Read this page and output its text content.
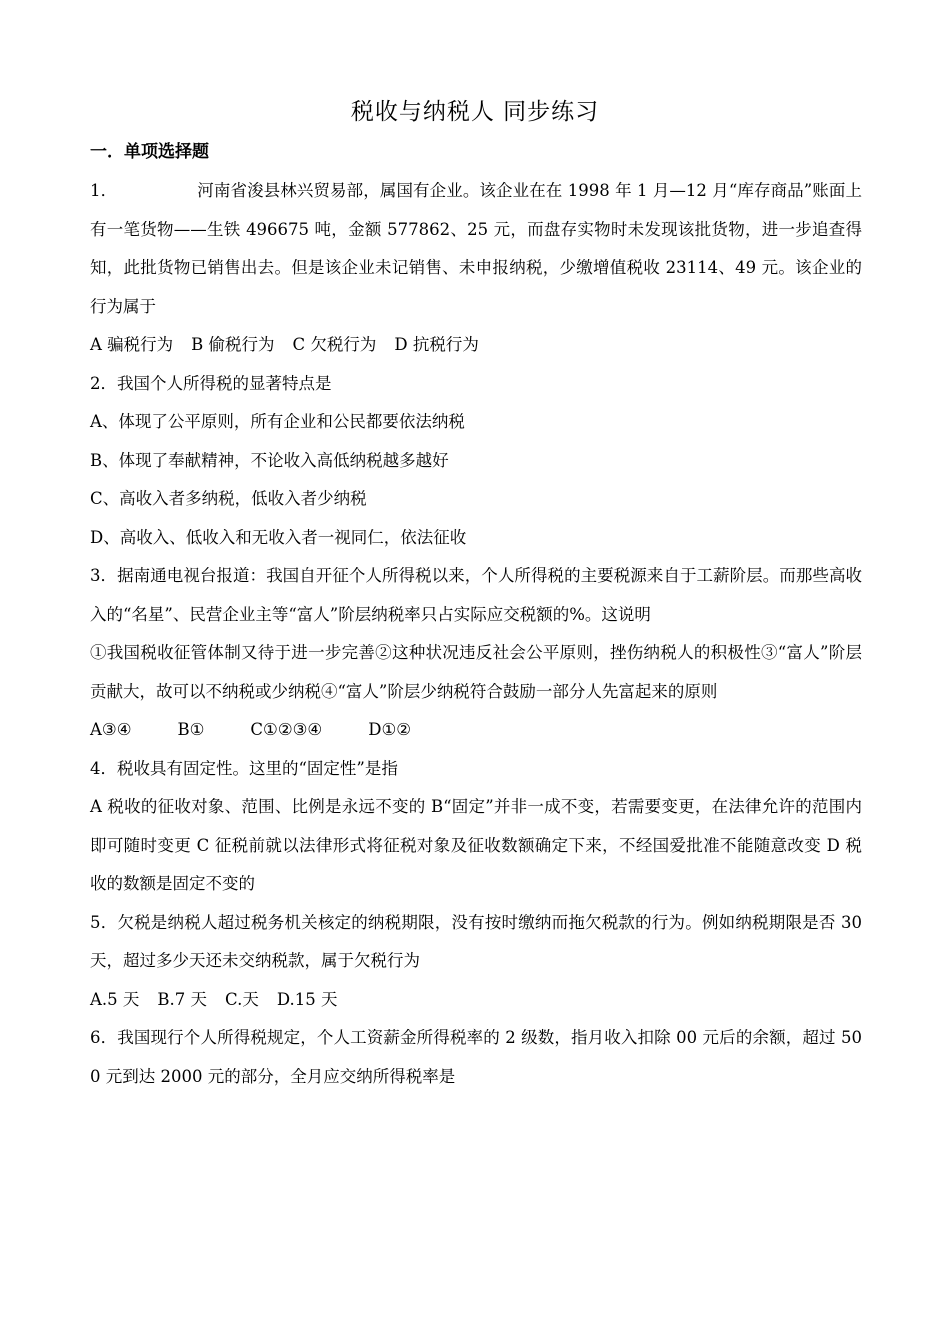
税收与纳税人 同步练习
一．单项选择题

1．	河南省浚县林兴贸易部，属国有企业。该企业在在 1998 年 1 月—12 月“库存商品”账面上有一笔货物——生铁 496675 吨，金额 577862、25 元，而盘存实物时未发现该批货物，进一步追查得知，此批货物已销售出去。但是该企业未记销售、未申报纳税，少缴增值税收 23114、49 元。该企业的行为属于

A 骗税行为 B 偷税行为 C 欠税行为 D 抗税行为

2．我国个人所得税的显著特点是

A、体现了公平原则，所有企业和公民都要依法纳税

B、体现了奉献精神，不论收入高低纳税越多越好

C、高收入者多纳税，低收入者少纳税

D、高收入、低收入和无收入者一视同仁，依法征收

3．据南通电视台报道：我国自开征个人所得税以来，个人所得税的主要税源来自于工薪阶层。而那些高收入的“名星”、民营企业主等“富人”阶层纳税率只占实际应交税额的%。这说明

①我国税收征管体制又待于进一步完善②这种状况违反社会公平原则，挫伤纳税人的积极性③“富人”阶层贡献大，故可以不纳税或少纳税④“富人”阶层少纳税符合鼓励一部分人先富起来的原则

A③④	B①	C①②③④	D①②

4．税收具有固定性。这里的“固定性”是指

A 税收的征收对象、范围、比例是永远不变的 B“固定”并非一成不变，若需要变更，在法律允许的范围内即可随时变更 C 征税前就以法律形式将征税对象及征收数额确定下来，不经国爱批准不能随意改变 D 税收的数额是固定不变的

5．欠税是纳税人超过税务机关核定的纳税期限，没有按时缴纳而拖欠税款的行为。例如纳税期限是否 30 天，超过多少天还未交纳税款，属于欠税行为

A.5 天 B.7 天 C.天 D.15 天

6．我国现行个人所得税规定，个人工资薪金所得税率的 2 级数，指月收入扣除 00 元后的余额，超过 500 元到达 2000 元的部分，全月应交纳所得税率是
